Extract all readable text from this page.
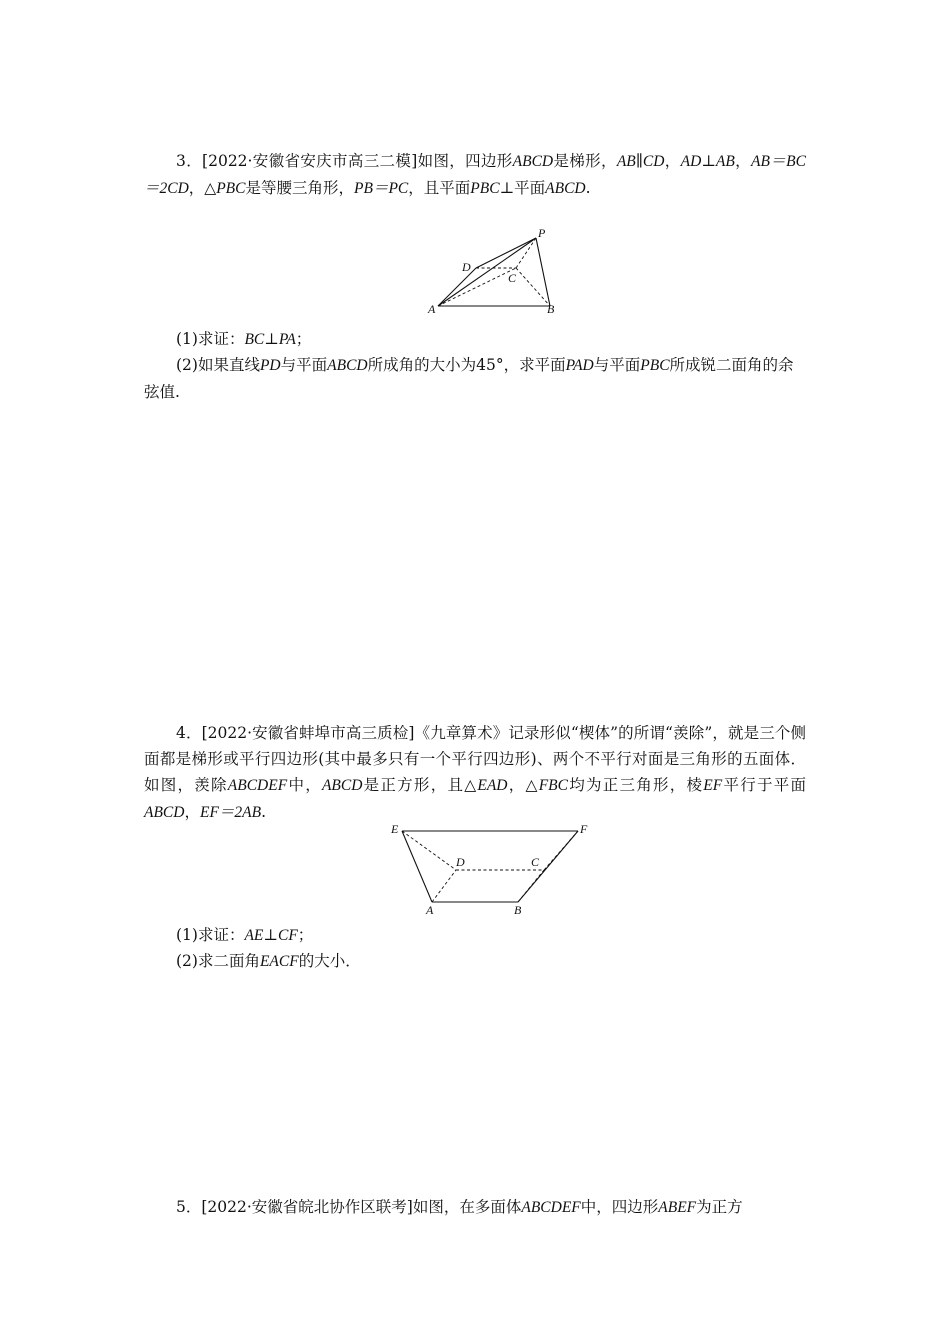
3．[2022·安徽省安庆市高三二模]如图，四边形ABCD是梯形，AB∥CD，AD⊥AB，AB＝BC＝2CD，△PBC是等腰三角形，PB＝PC，且平面PBC⊥平面ABCD.

P
D
C
A	B

(1)求证：BC⊥PA；

(2)如果直线PD与平面ABCD所成角的大小为45°，求平面PAD与平面PBC所成锐二面角的余弦值.

4．[2022·安徽省蚌埠市高三质检]《九章算术》记录形似“楔体”的所谓“羡除”，就是三个侧面都是梯形或平行四边形(其中最多只有一个平行四边形)、两个不平行对面是三角形的五面体．如图，羡除ABCDEF中，ABCD是正方形，且△EAD，△FBC均为正三角形，棱EF平行于平面ABCD，EF＝2AB.

E	F
D	C
A	B

(1)求证：AE⊥CF；

(2)求二面角EACF的大小．

5．[2022·安徽省皖北协作区联考]如图，在多面体ABCDEF中，四边形ABEF为正方
